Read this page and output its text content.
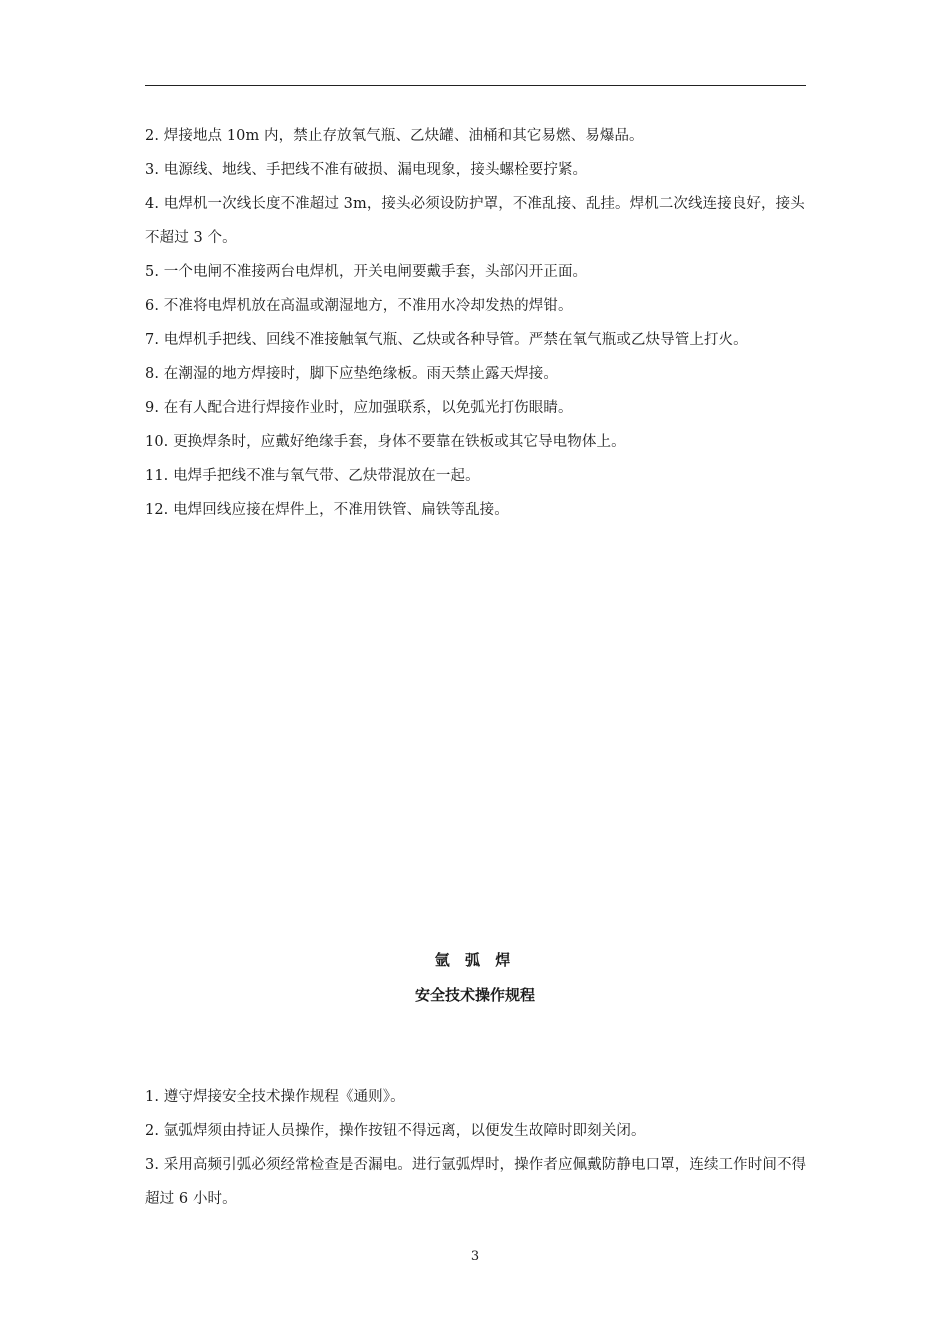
2. 焊接地点 10m 内，禁止存放氧气瓶、乙炔罐、油桶和其它易燃、易爆品。

3. 电源线、地线、手把线不准有破损、漏电现象，接头螺栓要拧紧。

4. 电焊机一次线长度不准超过 3m，接头必须设防护罩，不准乱接、乱挂。焊机二次线连接良好，接头不超过 3 个。

5. 一个电闸不准接两台电焊机，开关电闸要戴手套，头部闪开正面。

6. 不准将电焊机放在高温或潮湿地方，不准用水冷却发热的焊钳。

7. 电焊机手把线、回线不准接触氧气瓶、乙炔或各种导管。严禁在氧气瓶或乙炔导管上打火。

8. 在潮湿的地方焊接时，脚下应垫绝缘板。雨天禁止露天焊接。

9. 在有人配合进行焊接作业时，应加强联系，以免弧光打伤眼睛。

10. 更换焊条时，应戴好绝缘手套，身体不要靠在铁板或其它导电物体上。

11. 电焊手把线不准与氧气带、乙炔带混放在一起。

12. 电焊回线应接在焊件上，不准用铁管、扁铁等乱接。

氩 弧 焊
安全技术操作规程

1. 遵守焊接安全技术操作规程《通则》。

2. 氩弧焊须由持证人员操作，操作按钮不得远离，以便发生故障时即刻关闭。

3. 采用高频引弧必须经常检查是否漏电。进行氩弧焊时，操作者应佩戴防静电口罩，连续工作时间不得超过 6 小时。

3
